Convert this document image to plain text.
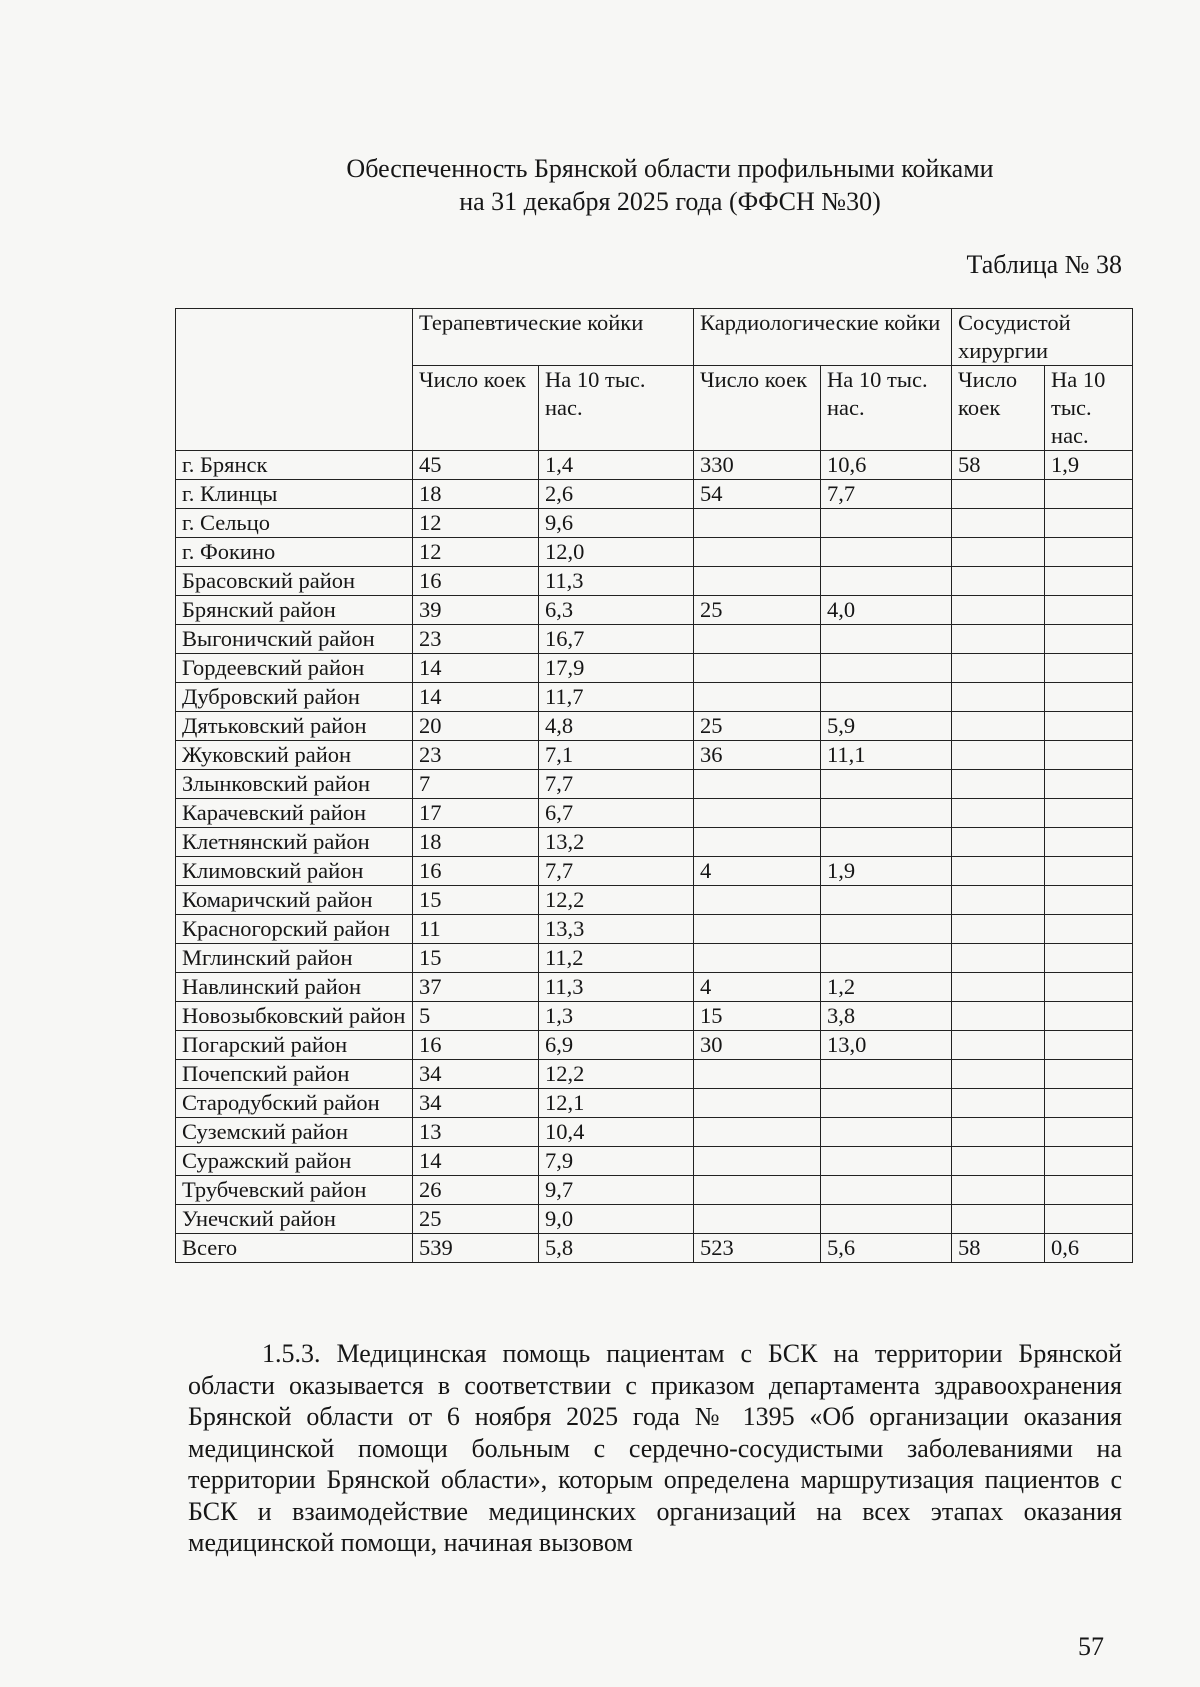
Обеспеченность Брянской области профильными койками
на 31 декабря 2025 года (ФФСН №30)
Таблица № 38
	Терапевтические койки		Кардиологические койки		Сосудистой хирургии	
	Число коек	На 10 тыс. нас.	Число коек	На 10 тыс. нас.	Число коек	На 10 тыс. нас.
г. Брянск	45	1,4	330	10,6	58	1,9
г. Клинцы	18	2,6	54	7,7		
г. Сельцо	12	9,6				
г. Фокино	12	12,0				
Брасовский район	16	11,3				
Брянский район	39	6,3	25	4,0		
Выгоничский район	23	16,7				
Гордеевский район	14	17,9				
Дубровский район	14	11,7				
Дятьковский район	20	4,8	25	5,9		
Жуковский район	23	7,1	36	11,1		
Злынковский район	7	7,7				
Карачевский район	17	6,7				
Клетнянский район	18	13,2				
Климовский район	16	7,7	4	1,9		
Комаричский район	15	12,2				
Красногорский район	11	13,3				
Мглинский район	15	11,2				
Навлинский район	37	11,3	4	1,2		
Новозыбковский район	5	1,3	15	3,8		
Погарский район	16	6,9	30	13,0		
Почепский район	34	12,2				
Стародубский район	34	12,1				
Суземский район	13	10,4				
Суражский район	14	7,9				
Трубчевский район	26	9,7				
Унечский район	25	9,0				
Всего	539	5,8	523	5,6	58	0,6
1.5.3. Медицинская помощь пациентам с БСК на территории Брянской области оказывается в соответствии с приказом департамента здравоохранения Брянской области от 6 ноября 2025 года № 1395 «Об организации оказания медицинской помощи больным с сердечно-сосудистыми заболеваниями на территории Брянской области», которым определена маршрутизация пациентов с БСК и взаимодействие медицинских организаций на всех этапах оказания медицинской помощи, начиная вызовом
57
